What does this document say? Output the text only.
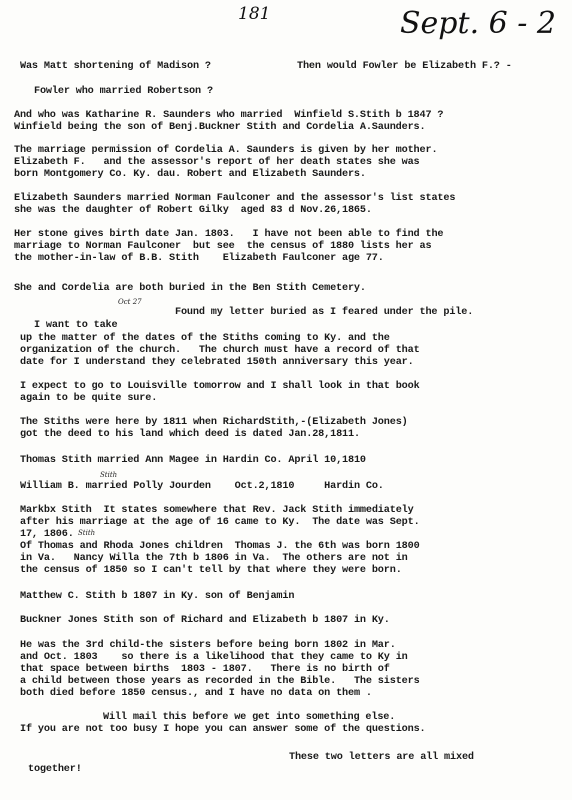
181	Sept. 6 - 2
Was Matt shortening of Madison ?	Then would Fowler be Elizabeth F.? -
Fowler who married Robertson ?
And who was Katharine R. Saunders who married  Winfield S.Stith b 1847 ?
Winfield being the son of Benj.Buckner Stith and Cordelia A.Saunders.
The marriage permission of Cordelia A. Saunders is given by her mother.
Elizabeth F.   and the assessor's report of her death states she was
born Montgomery Co. Ky. dau. Robert and Elizabeth Saunders.
Elizabeth Saunders married Norman Faulconer and the assessor's list states
she was the daughter of Robert Gilky  aged 83 d Nov.26,1865.
Her stone gives birth date Jan. 1803.   I have not been able to find the
marriage to Norman Faulconer  but see  the census of 1880 lists her as
the mother-in-law of B.B. Stith    Elizabeth Faulconer age 77.
She and Cordelia are both buried in the Ben Stith Cemetery.
Oct 27
Found my letter buried as I feared under the pile.
I want to take
up the matter of the dates of the Stiths coming to Ky. and the
organization of the church.   The church must have a record of that
date for I understand they celebrated 150th anniversary this year.
I expect to go to Louisville tomorrow and I shall look in that book
again to be quite sure.
The Stiths were here by 1811 when RichardStith,-(Elizabeth Jones)
got the deed to his land which deed is dated Jan.28,1811.
Thomas Stith married Ann Magee in Hardin Co. April 10,1810
Stith
William B. married Polly Jourden    Oct.2,1810     Hardin Co.
Markbx Stith  It states somewhere that Rev. Jack Stith immediately
after his marriage at the age of 16 came to Ky.  The date was Sept.
17, 1806. Stith
Of Thomas and Rhoda Jones children  Thomas J. the 6th was born 1800
in Va.   Nancy Willa the 7th b 1806 in Va.  The others are not in
the census of 1850 so I can't tell by that where they were born.
Matthew C. Stith b 1807 in Ky. son of Benjamin
Buckner Jones Stith son of Richard and Elizabeth b 1807 in Ky.
He was the 3rd child-the sisters before being born 1802 in Mar.
and Oct. 1803    so there is a likelihood that they came to Ky in
that space between births  1803 - 1807.   There is no birth of
a child between those years as recorded in the Bible.   The sisters
both died before 1850 census., and I have no data on them .
Will mail this before we get into something else.
If you are not too busy I hope you can answer some of the questions.
These two letters are all mixed
together!
